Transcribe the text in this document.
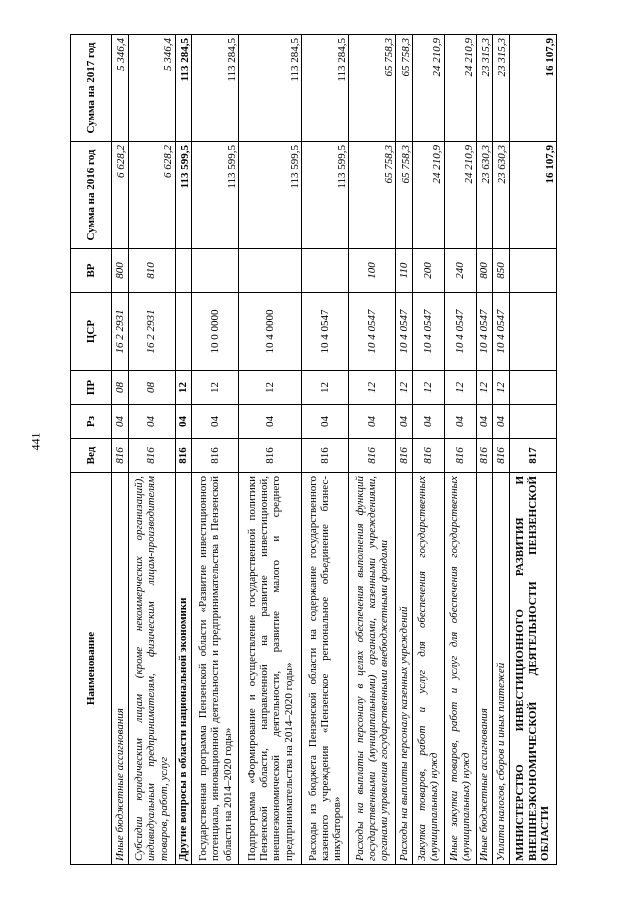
441
Наименование	Вед	Рз	ПР	ЦСР	ВР	Сумма на 2016 год	Сумма на 2017 год
Иные бюджетные ассигнования	816	04	08	16 2 2931	800	6 628,2	5 346,4
Субсидии юридическим лицам (кроме некоммерческих организаций), индивидуальным предпринимателям, физическим лицам-производителям товаров, работ, услуг	816	04	08	16 2 2931	810	6 628,2	5 346,4
Другие вопросы в области национальной экономики	816	04	12			113 599,5	113 284,5
Государственная программа Пензенской области «Развитие инвестиционного потенциала, инновационной деятельности и предпринимательства в Пензенской области на 2014–2020 годы»	816	04	12	10 0 0000		113 599,5	113 284,5
Подпрограмма «Формирование и осуществление государственной политики Пензенской области, направленной на развитие инвестиционной, внешнеэкономической деятельности, развитие малого и среднего предпринимательства на 2014–2020 годы»	816	04	12	10 4 0000		113 599,5	113 284,5
Расходы из бюджета Пензенской области на содержание государственного казенного учреждения «Пензенское региональное объединение бизнес-инкубаторов»	816	04	12	10 4 0547		113 599,5	113 284,5
Расходы на выплаты персоналу в целях обеспечения выполнения функций государственными (муниципальными) органами, казенными учреждениями, органами управления государственными внебюджетными фондами	816	04	12	10 4 0547	100	65 758,3	65 758,3
Расходы на выплаты персоналу казенных учреждений	816	04	12	10 4 0547	110	65 758,3	65 758,3
Закупка товаров, работ и услуг для обеспечения государственных (муниципальных) нужд	816	04	12	10 4 0547	200	24 210,9	24 210,9
Иные закупки товаров, работ и услуг для обеспечения государственных (муниципальных) нужд	816	04	12	10 4 0547	240	24 210,9	24 210,9
Иные бюджетные ассигнования	816	04	12	10 4 0547	800	23 630,3	23 315,3
Уплата налогов, сборов и иных платежей	816	04	12	10 4 0547	850	23 630,3	23 315,3
МИНИСТЕРСТВО ИНВЕСТИЦИОННОГО РАЗВИТИЯ И ВНЕШНЕЭКОНОМИЧЕСКОЙ ДЕЯТЕЛЬНОСТИ ПЕНЗЕНСКОЙ ОБЛАСТИ	817					16 107,9	16 107,9
